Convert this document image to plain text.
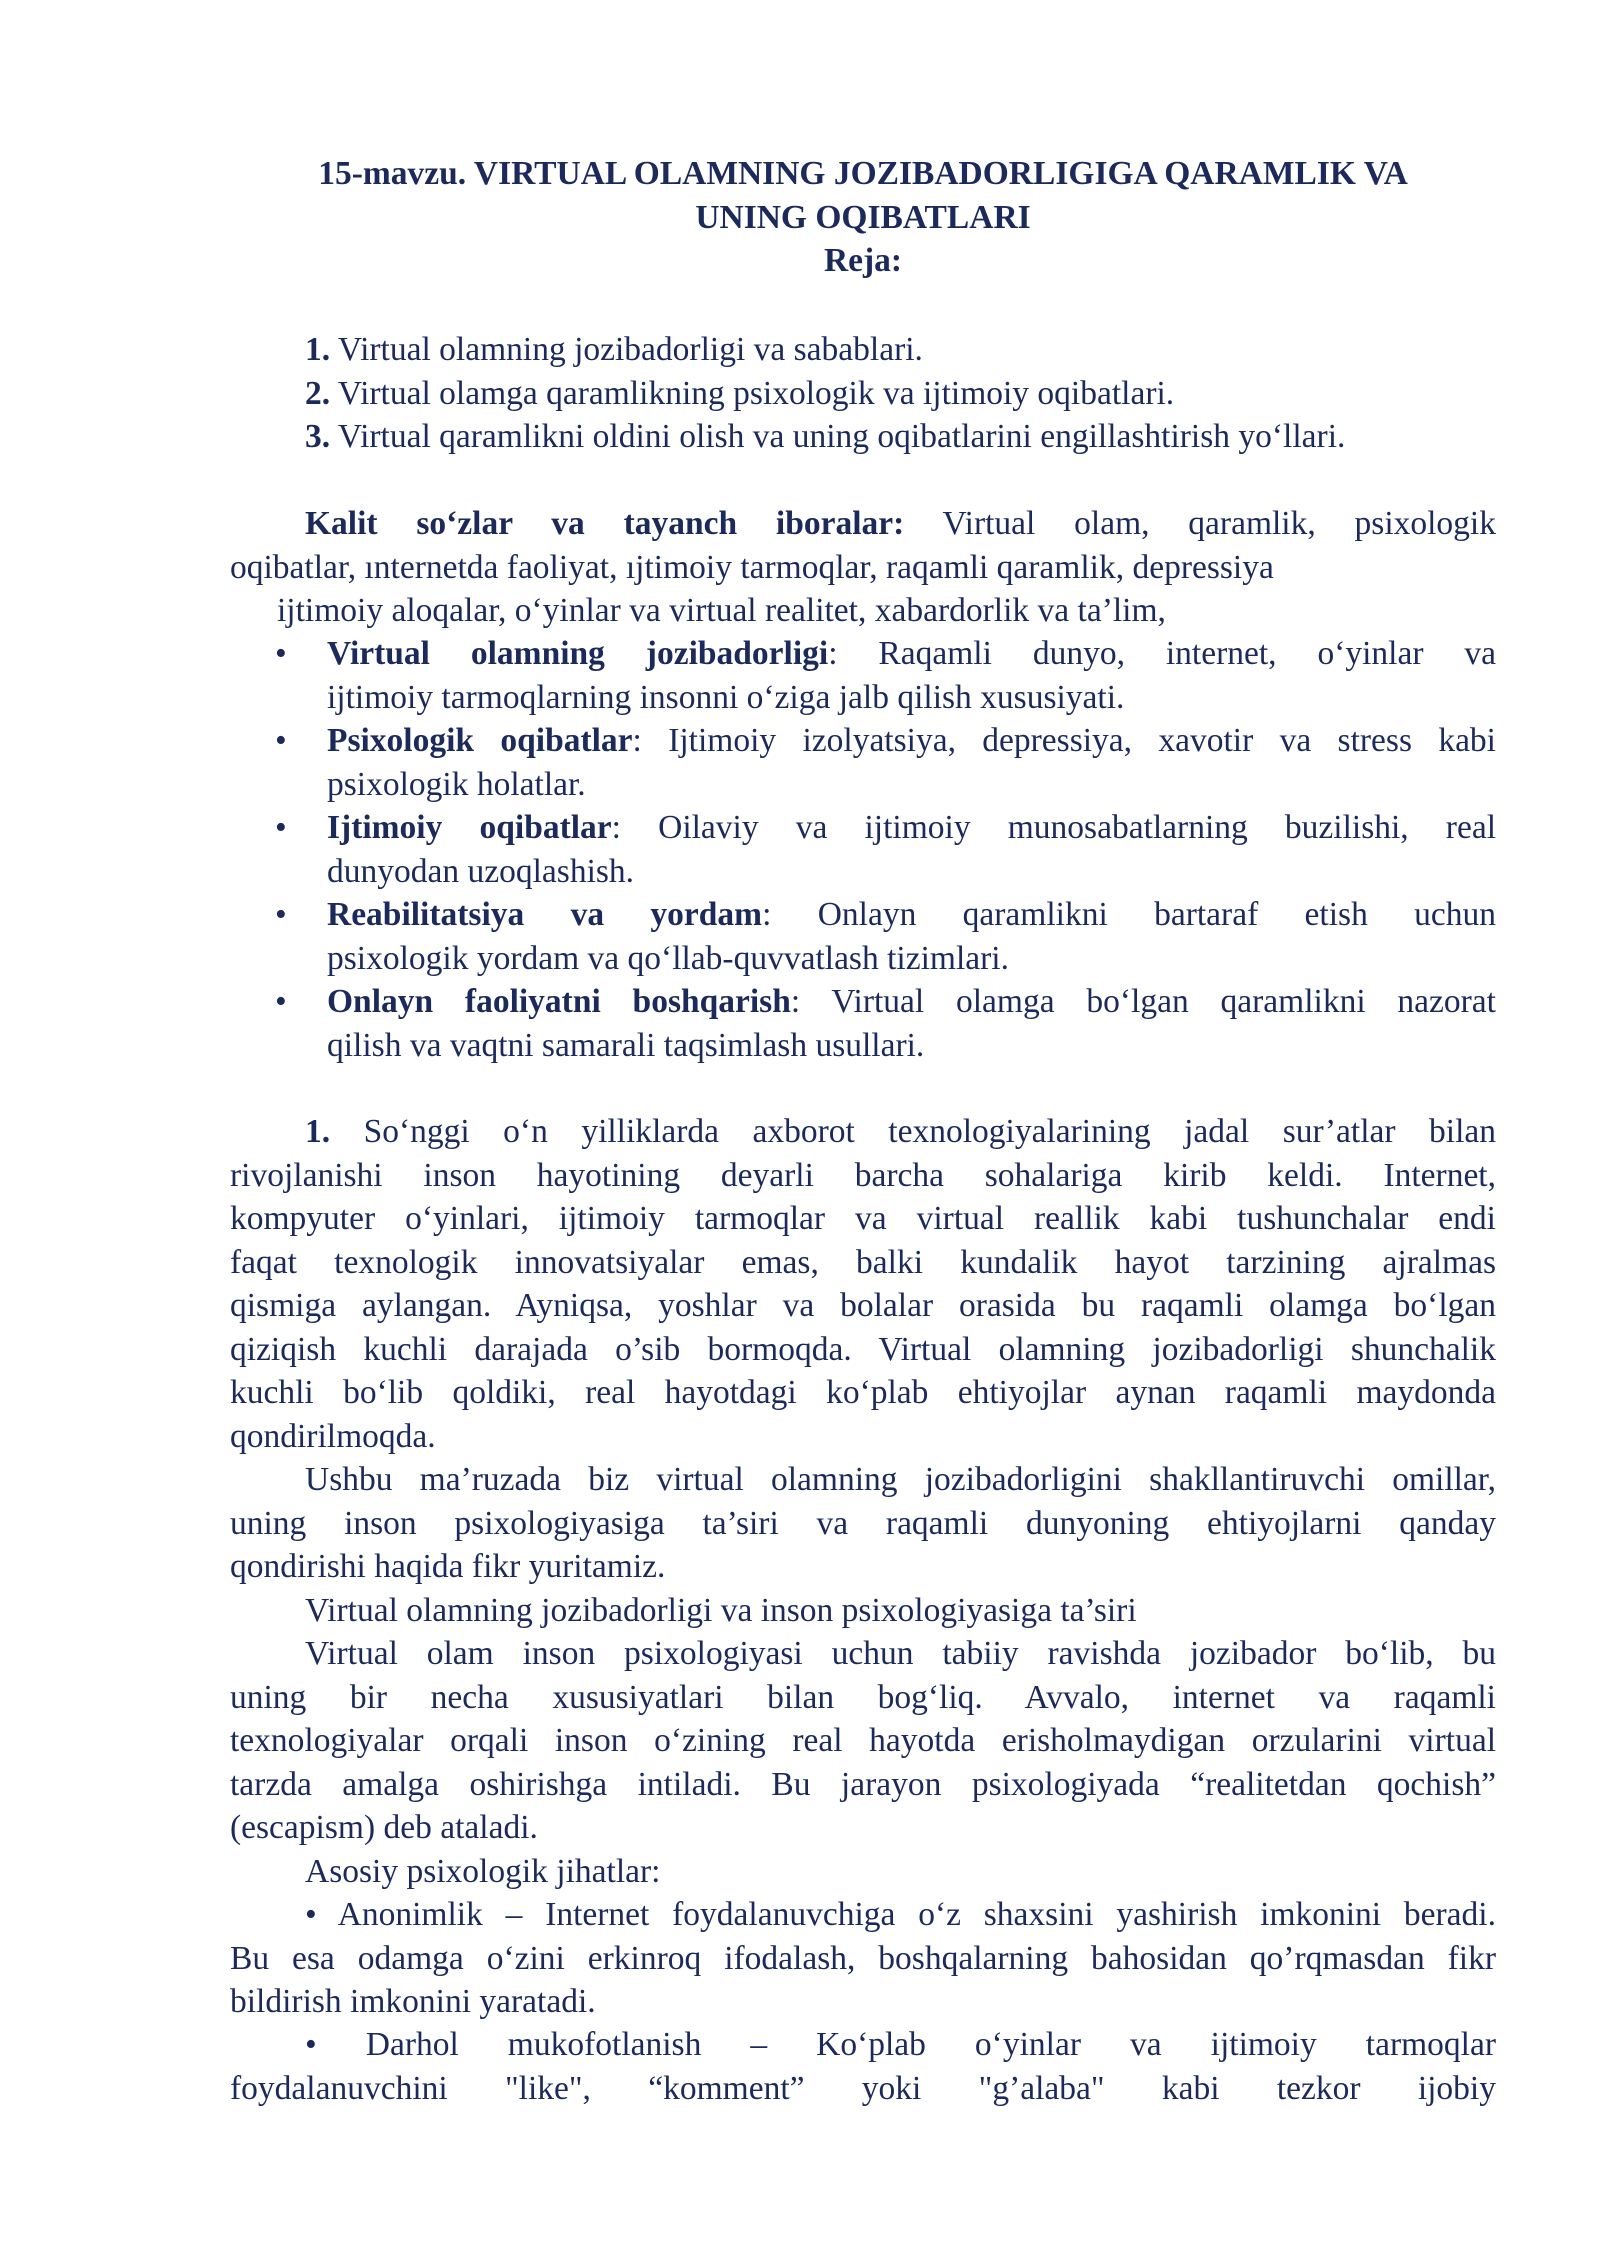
15-mavzu. VIRTUAL OLAMNING JOZIBADORLIGIGA QARAMLIK VA
UNING OQIBATLARI
Reja:
1. Virtual olamning jozibadorligi va sabablari.
2. Virtual olamga qaramlikning psixologik va ijtimoiy oqibatlari.
3. Virtual qaramlikni oldini olish va uning oqibatlarini engillashtirish yo‘llari.
Kalit so‘zlar va tayanch iboralar: Virtual olam, qaramlik, psixologik
oqibatlar, ınternetda faoliyat, ıjtimoiy tarmoqlar, raqamli qaramlik, depressiya
ijtimoiy aloqalar, o‘yinlar va virtual realitet, xabardorlik va ta’lim,
• Virtual olamning jozibadorligi: Raqamli dunyo, internet, o‘yinlar va
ijtimoiy tarmoqlarning insonni o‘ziga jalb qilish xususiyati.
• Psixologik oqibatlar: Ijtimoiy izolyatsiya, depressiya, xavotir va stress kabi
psixologik holatlar.
• Ijtimoiy oqibatlar: Oilaviy va ijtimoiy munosabatlarning buzilishi, real
dunyodan uzoqlashish.
• Reabilitatsiya va yordam: Onlayn qaramlikni bartaraf etish uchun
psixologik yordam va qo‘llab-quvvatlash tizimlari.
• Onlayn faoliyatni boshqarish: Virtual olamga bo‘lgan qaramlikni nazorat
qilish va vaqtni samarali taqsimlash usullari.
1. So‘nggi o‘n yilliklarda axborot texnologiyalarining jadal sur’atlar bilan
rivojlanishi inson hayotining deyarli barcha sohalariga kirib keldi. Internet,
kompyuter o‘yinlari, ijtimoiy tarmoqlar va virtual reallik kabi tushunchalar endi
faqat texnologik innovatsiyalar emas, balki kundalik hayot tarzining ajralmas
qismiga aylangan. Ayniqsa, yoshlar va bolalar orasida bu raqamli olamga bo‘lgan
qiziqish kuchli darajada o’sib bormoqda. Virtual olamning jozibadorligi shunchalik
kuchli bo‘lib qoldiki, real hayotdagi ko‘plab ehtiyojlar aynan raqamli maydonda
qondirilmoqda.
Ushbu ma’ruzada biz virtual olamning jozibadorligini shakllantiruvchi omillar,
uning inson psixologiyasiga ta’siri va raqamli dunyoning ehtiyojlarni qanday
qondirishi haqida fikr yuritamiz.
Virtual olamning jozibadorligi va inson psixologiyasiga ta’siri
Virtual olam inson psixologiyasi uchun tabiiy ravishda jozibador bo‘lib, bu
uning bir necha xususiyatlari bilan bog‘liq. Avvalo, internet va raqamli
texnologiyalar orqali inson o‘zining real hayotda erisholmaydigan orzularini virtual
tarzda amalga oshirishga intiladi. Bu jarayon psixologiyada “realitetdan qochish”
(escapism) deb ataladi.
Asosiy psixologik jihatlar:
• Anonimlik – Internet foydalanuvchiga o‘z shaxsini yashirish imkonini beradi.
Bu esa odamga o‘zini erkinroq ifodalash, boshqalarning bahosidan qo’rqmasdan fikr
bildirish imkonini yaratadi.
• Darhol mukofotlanish – Ko‘plab o‘yinlar va ijtimoiy tarmoqlar
foydalanuvchini "like", “komment” yoki "g’alaba" kabi tezkor ijobiy
